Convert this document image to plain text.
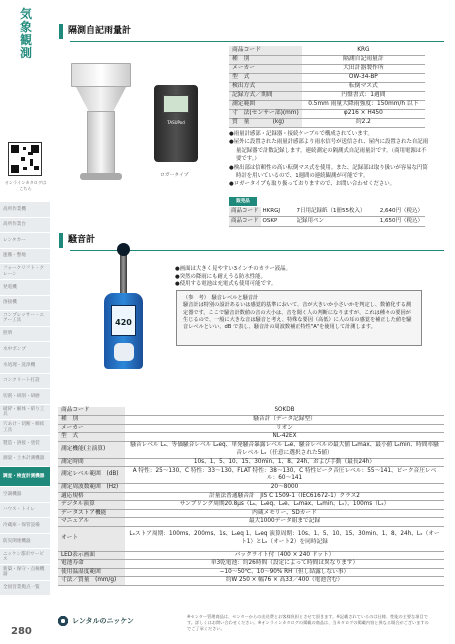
気象観測
オンラインカタログはこちら
高所作業機
高所作業台
レンタカー
運搬・整地
フォークリフト・クレーン
発電機
溶接機
コンプレッサー・エアー工具
照明
水中ポンプ
水処理・洗浄機
コンクリート打設
切削・研削・研磨
破砕・解体・斫り工具
穴あけ・切断・締結工具
製造・溶接・塗装
測量・土木計測機器
調査・検査計測機器
空調機器
ハウス・トイレ
冷蔵庫・保管設備
防災関連機器
ニッケン都市サービス
新築・保守・点検機器
全国営業拠点一覧
隔測自記雨量計
TASUPod
ロガータイプ
商品コード	KRG
種　別	隔測自記雨量計
メーカー	大田計器製作所
型　式	OW-34-BP
検出方式	転倒マス式
記録方式／期間	円盤書式：1週間
測定範囲	0.5mm 雨量大降雨強度：150mm/h 以下
寸　法(センサー部)(mm)	φ216 × H450
質　量　　　　(kg)	約2.2

●雨量計感部・記録器・接続ケーブルで構成されています。

●屋外に設置された雨量計感部より雨水信号が送信され、屋内に設置された自記雨量記録器で計数記録します。連続測定の隔測式自記雨量計です。（商用電源は不要です。）

●検出部は信頼性の高い転倒マス式を使用。また、記録部は取り扱いが容易な円筒時計を用いているので、1週間の連続観測が可能です。

●ロガータイプも取り扱っておりますので、お問い合わせください。

販売品
商品コード	HKRGJ	7日用記録紙（1冊55枚入）	2,640円（税込）
商品コード	OSKP	記録用ペン	1,650円（税込）
騒音計
420

●画面は大きく見やすい3インチのカラー液晶。

●突然の降雨にも耐えうる防水性能。

●使用する電池は充電式も使用可能です。

（参　考）　騒音レベルと騒音計

騒音計は特別の設計あるいは感覚的基準において、音が大きいか小さいかを判定し、数値化する測定器です。ここで騒音計数値の音の大小は、音を聞く人の判断になりますが、これは種々の要因が生じるので、一般に大きな音は騒音と考え、特殊な要因（高低）に人の耳の感覚を補正した値を騒音レベルといい、dB で表し、騒音計の周波数補正特性"A"を使用して計測します。

商品コード	SOKDB
種　別	騒音計（データ記録型）
メーカー	リオン
型　式	NL-42EX
測定機能(主演算)	騒音レベル Lₐ、等価騒音レベル Lₐeq、単発騒音暴露レベル Lₐe、騒音レベルの最大値 Lₐmax、最小値 Lₐmin、時間率騒音レベル Lₓ（任意に選択された5値）
測定時間	10s、1、5、10、15、30min、1、8、24h、および手動（最長24h）
測定レベル範囲　(dB)	A 特性：25〜130、C 特性：33〜130、FLAT 特性：38〜130、C 特性ピーク音圧レベル：55〜141、ピーク音圧レベル：60〜141
測定周波数範囲　(Hz)	20〜8000
適応規格	計量法普通騒音計　JIS C 1509-1（IEC61672-1）クラス2
デジタル演算	サンプリング周期20.8μs（Lₐ、Lₐeq、Lₐe、Lₐmax、Lₐmin、Lₓ）、100ms（Lₓ）
データストア機能	内蔵メモリー、SDカード
マニュアル	最大1000データ組まで記録
オート	Lₓストア周期：100ms、200ms、1s、Lₐeq 1、Lₐeq 演算周期：10s、1、5、10、15、30min、1、8、24h、Lₓ（オート1）とLₓ（オート2）を同時記録
LED表示画面	バックライト付（400 × 240 ドット）
電池寿命	単3乾電池：約26時間（設定によって時間は異なります）
使用温湿度範囲	−10〜50℃、10〜90% RH（但し結露しない事）
寸法／質量　(mm/g)	約W 250 × 幅76 × 高33／400（電池含む）
レンタルのニッケン
※センター管理商品は、センターからの出送费とお客様負担とさせて頂きます。※記載されているのは仕様、性能の主要な項目です。詳しくはお問い合わせください。※オンラインカタログの掲載の商品は、当カタログの掲載内容と異なる場合がございますのでご了承ください。
280
